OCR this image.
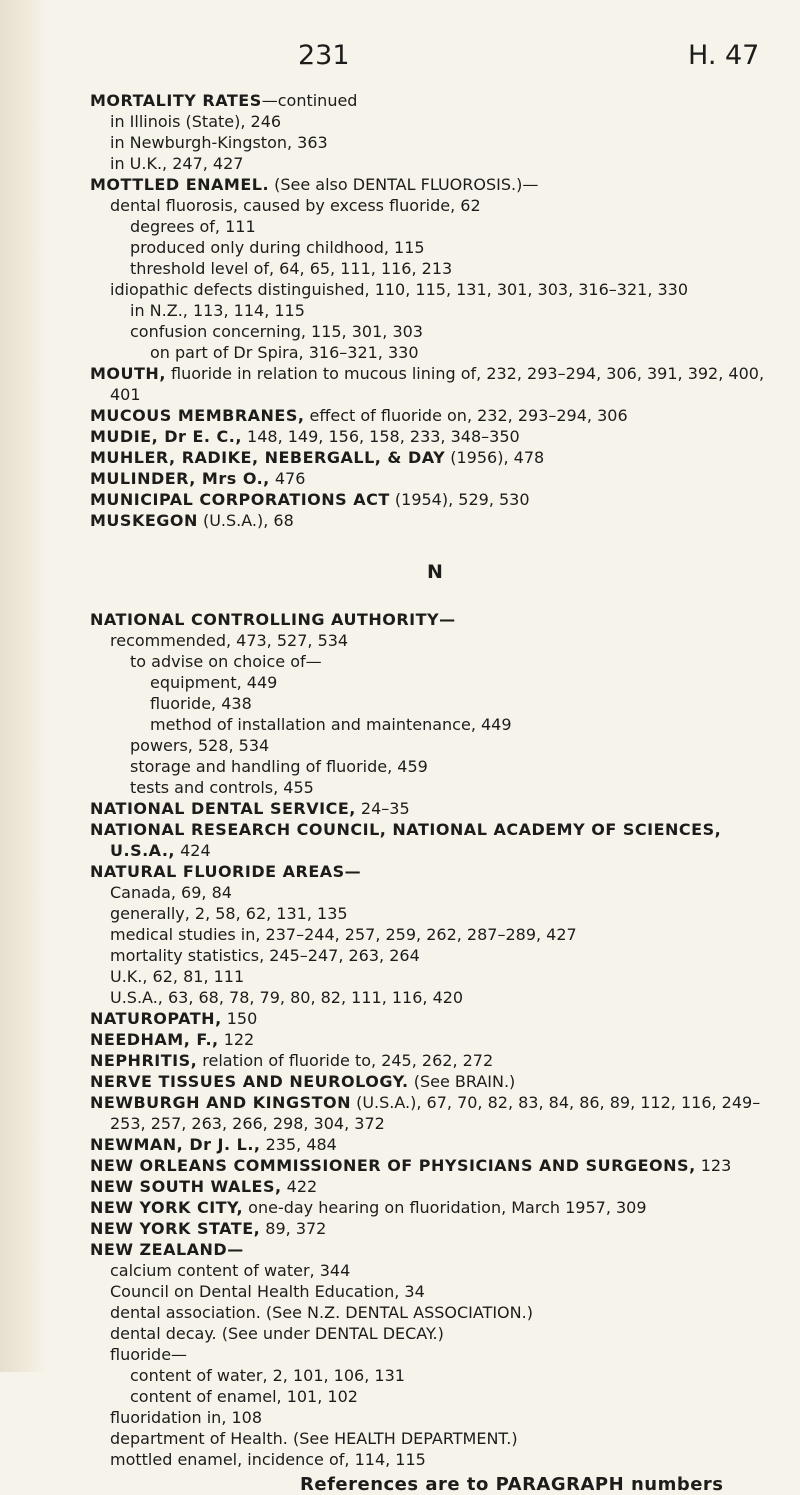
231	H. 47

MORTALITY RATES—continued

in Illinois (State), 246

in Newburgh-Kingston, 363

in U.K., 247, 427

MOTTLED ENAMEL. (See also DENTAL FLUOROSIS.)—

dental fluorosis, caused by excess fluoride, 62

degrees of, 111

produced only during childhood, 115

threshold level of, 64, 65, 111, 116, 213

idiopathic defects distinguished, 110, 115, 131, 301, 303, 316–321, 330

in N.Z., 113, 114, 115

confusion concerning, 115, 301, 303

on part of Dr Spira, 316–321, 330

MOUTH, fluoride in relation to mucous lining of, 232, 293–294, 306, 391, 392, 400, 401

MUCOUS MEMBRANES, effect of fluoride on, 232, 293–294, 306

MUDIE, Dr E. C., 148, 149, 156, 158, 233, 348–350

MUHLER, RADIKE, NEBERGALL, & DAY (1956), 478

MULINDER, Mrs O., 476

MUNICIPAL CORPORATIONS ACT (1954), 529, 530

MUSKEGON (U.S.A.), 68

N

NATIONAL CONTROLLING AUTHORITY—

recommended, 473, 527, 534

to advise on choice of—

equipment, 449

fluoride, 438

method of installation and maintenance, 449

powers, 528, 534

storage and handling of fluoride, 459

tests and controls, 455

NATIONAL DENTAL SERVICE, 24–35

NATIONAL RESEARCH COUNCIL, NATIONAL ACADEMY OF SCIENCES, U.S.A., 424

NATURAL FLUORIDE AREAS—

Canada, 69, 84

generally, 2, 58, 62, 131, 135

medical studies in, 237–244, 257, 259, 262, 287–289, 427

mortality statistics, 245–247, 263, 264

U.K., 62, 81, 111

U.S.A., 63, 68, 78, 79, 80, 82, 111, 116, 420

NATUROPATH, 150

NEEDHAM, F., 122

NEPHRITIS, relation of fluoride to, 245, 262, 272

NERVE TISSUES AND NEUROLOGY. (See BRAIN.)

NEWBURGH AND KINGSTON (U.S.A.), 67, 70, 82, 83, 84, 86, 89, 112, 116, 249–253, 257, 263, 266, 298, 304, 372

NEWMAN, Dr J. L., 235, 484

NEW ORLEANS COMMISSIONER OF PHYSICIANS AND SURGEONS, 123

NEW SOUTH WALES, 422

NEW YORK CITY, one-day hearing on fluoridation, March 1957, 309

NEW YORK STATE, 89, 372

NEW ZEALAND—

calcium content of water, 344

Council on Dental Health Education, 34

dental association. (See N.Z. DENTAL ASSOCIATION.)

dental decay. (See under DENTAL DECAY.)

fluoride—

content of water, 2, 101, 106, 131

content of enamel, 101, 102

fluoridation in, 108

department of Health. (See HEALTH DEPARTMENT.)

mottled enamel, incidence of, 114, 115

References are to PARAGRAPH numbers
